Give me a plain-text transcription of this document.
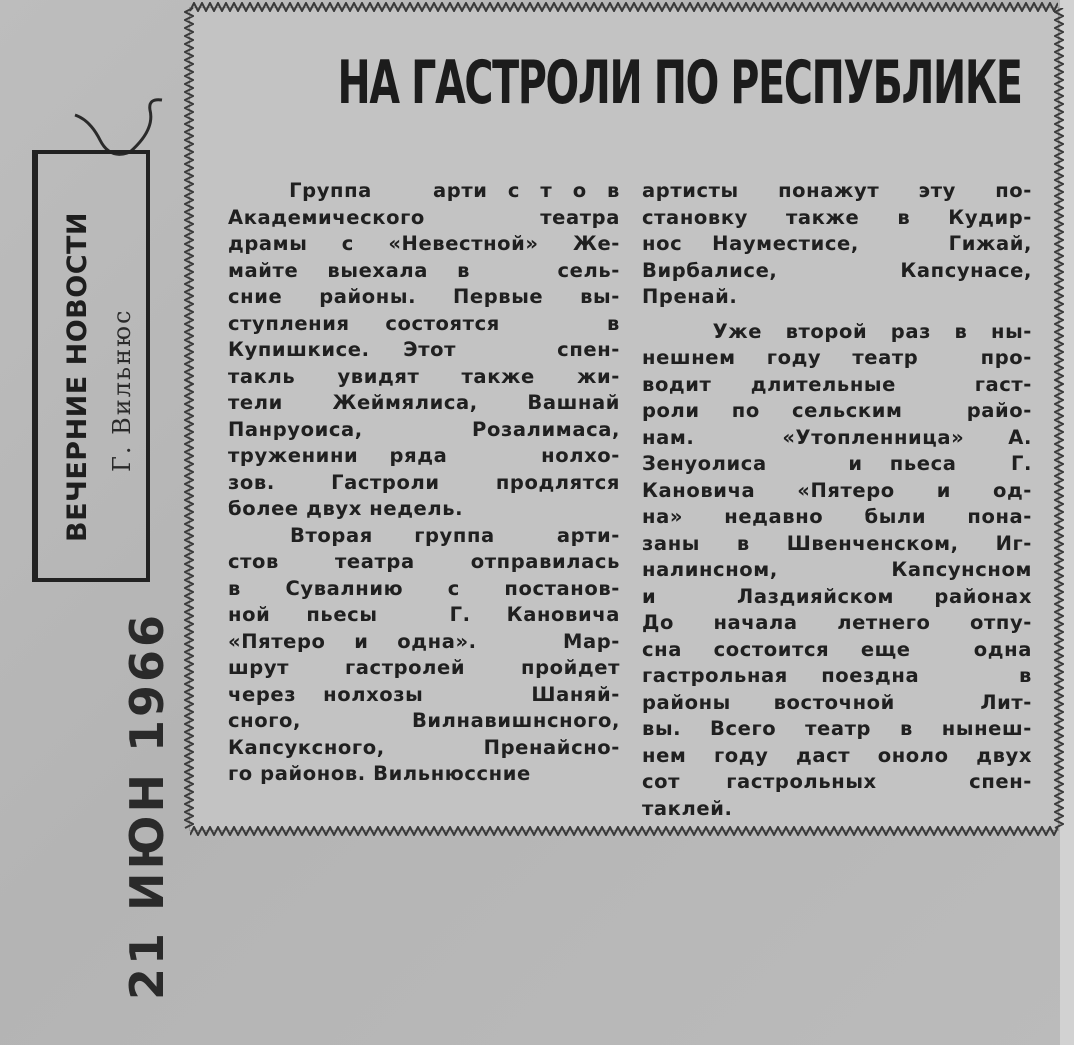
ВЕЧЕРНИЕ НОВОСТИ Г. Вильнюс
21 ИЮН 1966
НА ГАСТРОЛИ ПО РЕСПУБЛИКЕ
Группа   арти с т о в
Академического    театра
драмы с «Невестной» Же-
майте выехала в   сель-
сние районы. Первые вы-
ступления состоятся   в
Купишкисе. Этот   спен-
такль увидят также жи-
тели Жеймялиса, Вашнай
Панруоиса,   Розалимаса,
труженини ряда   нолхо-
зов. Гастроли продлятся
более двух недель.
Вторая  группа   арти-
стов театра отправилась
в Сувалнию с постанов-
ной пьесы  Г. Кановича
«Пятеро и одна».   Мар-
шрут гастролей пройдет
через нолхозы    Шаняй-
сного,      Вилнавишнсного,
Капсуксного,   Пренайсно-
го районов. Вильнюссние
артисты понажут эту по-
становку также в Кудир-
нос Науместисе,   Гижай,
Вирбалисе,    Капсунасе,
Пренай.
Уже второй раз в ны-
нешнем году театр  про-
водит длительные  гаст-
роли по сельским  райо-
нам.  «Утопленница» А.
Зенуолиса   и пьеса  Г.
Кановича «Пятеро и од-
на» недавно были пона-
заны в Швенченском, Иг-
налинсном,    Капсунсном
и  Лаздияйском районах
До начала летнего отпу-
сна состоится еще  одна
гастрольная поездна   в
районы восточной  Лит-
вы. Всего театр в нынеш-
нем году даст оноло двух
сот  гастрольных    спен-
таклей.
